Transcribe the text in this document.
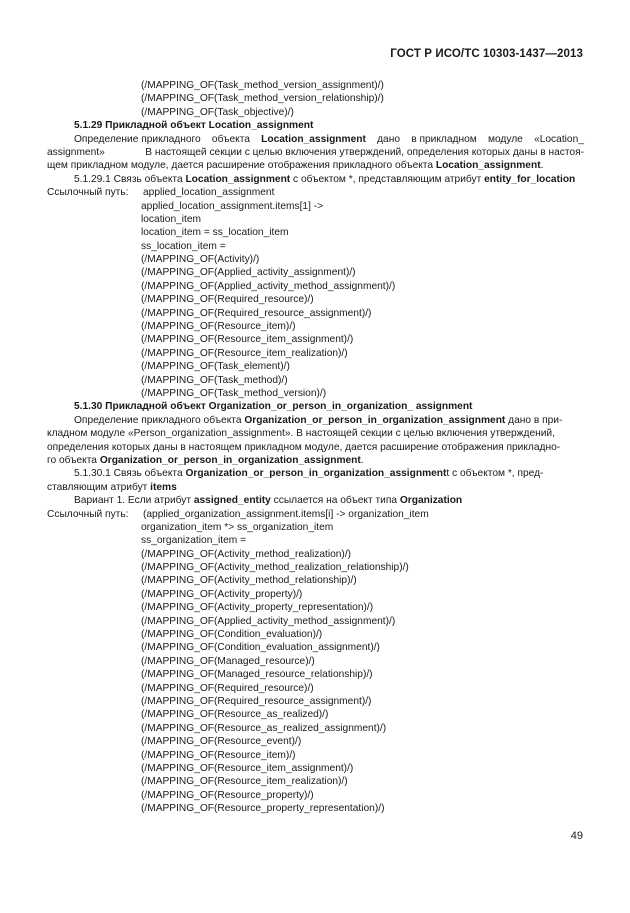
ГОСТ Р ИСО/ТС 10303-1437—2013
(/MAPPING_OF(Task_method_version_assignment)/)
(/MAPPING_OF(Task_method_version_relationship)/)
(/MAPPING_OF(Task_objective)/)
5.1.29 Прикладной объект Location_assignment
Определение прикладного объекта Location_assignment дано в прикладном модуле «Location_
assignment»	В настоящей секции с целью включения утверждений, определения которых даны в настоя-
щем прикладном модуле, дается расширение отображения прикладного объекта Location_assignment.
5.1.29.1 Связь объекта Location_assignment с объектом *, представляющим атрибут entity_for_location
Ссылочный путь: applied_location_assignment
applied_location_assignment.items[1] ->
location_item
location_item = ss_location_item
ss_location_item =
(/MAPPING_OF(Activity)/)
(/MAPPING_OF(Applied_activity_assignment)/)
(/MAPPING_OF(Applied_activity_method_assignment)/)
(/MAPPING_OF(Required_resource)/)
(/MAPPING_OF(Required_resource_assignment)/)
(/MAPPING_OF(Resource_item)/)
(/MAPPING_OF(Resource_item_assignment)/)
(/MAPPING_OF(Resource_item_realization)/)
(/MAPPING_OF(Task_element)/)
(/MAPPING_OF(Task_method)/)
(/MAPPING_OF(Task_method_version)/)
5.1.30 Прикладной объект Organization_or_person_in_organization_ assignment
Определение прикладного объекта Organization_or_person_in_organization_assignment дано в при-
кладном модуле «Person_organization_assignment». В настоящей секции с целью включения утверждений,
определения которых даны в настоящем прикладном модуле, дается расширение отображения прикладно-
го объекта Organization_or_person_in_organization_assignment.
5.1.30.1 Связь объекта Organization_or_person_in_organization_assignmentt с объектом *, пред-
ставляющим атрибут items
Вариант 1. Если атрибут assigned_entity ссылается на объект типа Organization
Ссылочный путь: (applied_organization_assignment.items[i] -> organization_item
organization_item *> ss_organization_item
ss_organization_item =
(/MAPPING_OF(Activity_method_realization)/)
(/MAPPING_OF(Activity_method_realization_relationship)/)
(/MAPPING_OF(Activity_method_relationship)/)
(/MAPPING_OF(Activity_property)/)
(/MAPPING_OF(Activity_property_representation)/)
(/MAPPING_OF(Applied_activity_method_assignment)/)
(/MAPPING_OF(Condition_evaluation)/)
(/MAPPING_OF(Condition_evaluation_assignment)/)
(/MAPPING_OF(Managed_resource)/)
(/MAPPING_OF(Managed_resource_relationship)/)
(/MAPPING_OF(Required_resource)/)
(/MAPPING_OF(Required_resource_assignment)/)
(/MAPPING_OF(Resource_as_realized)/)
(/MAPPING_OF(Resource_as_realized_assignment)/)
(/MAPPING_OF(Resource_event)/)
(/MAPPING_OF(Resource_item)/)
(/MAPPING_OF(Resource_item_assignment)/)
(/MAPPING_OF(Resource_item_realization)/)
(/MAPPING_OF(Resource_property)/)
(/MAPPING_OF(Resource_property_representation)/)
49
